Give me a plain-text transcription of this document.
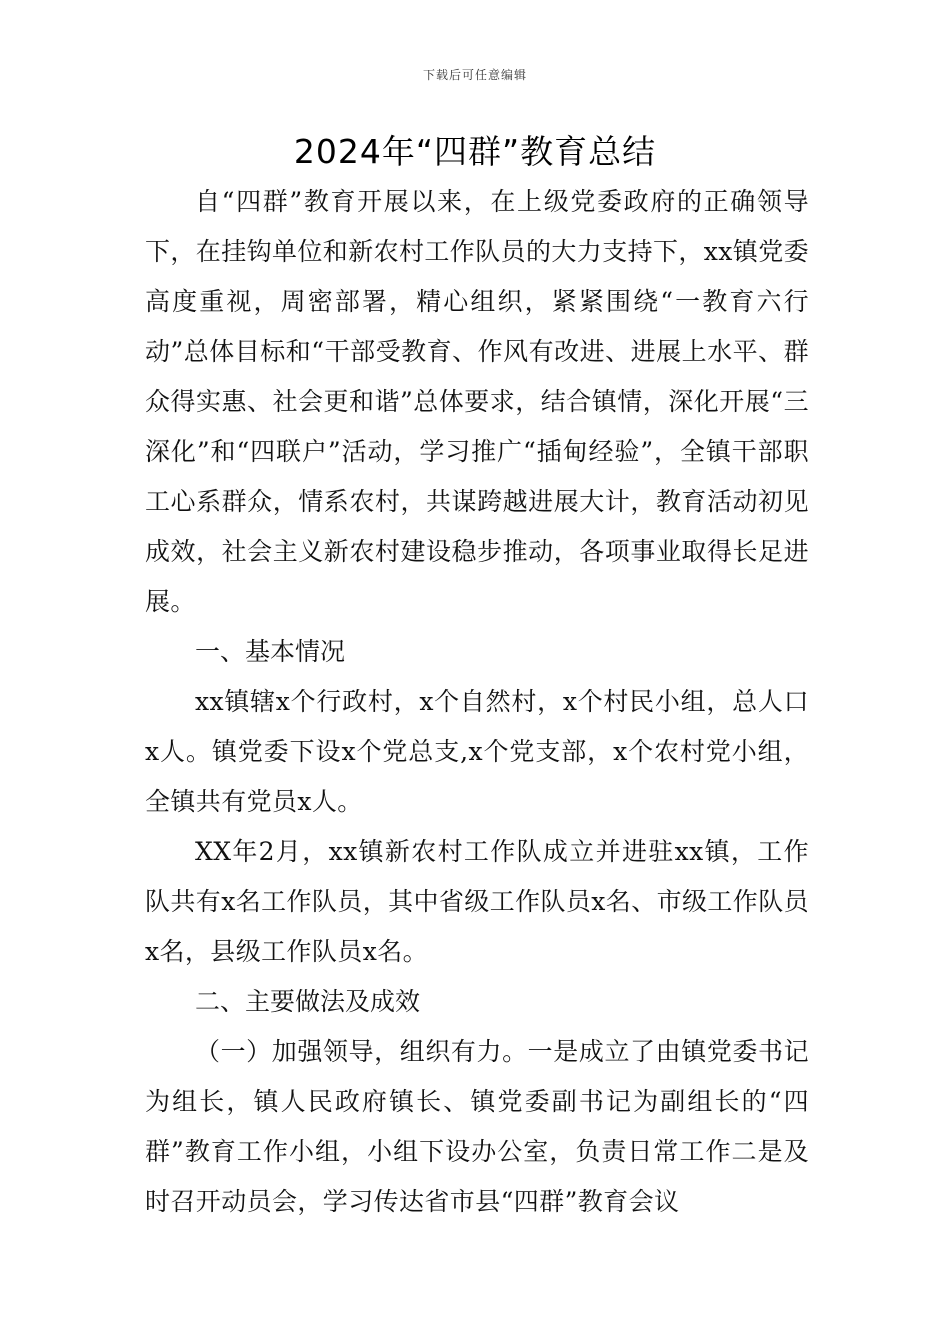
下载后可任意编辑
2024年“四群”教育总结

自“四群”教育开展以来，在上级党委政府的正确领导下，在挂钩单位和新农村工作队员的大力支持下，xx镇党委高度重视，周密部署，精心组织，紧紧围绕“一教育六行动”总体目标和“干部受教育、作风有改进、进展上水平、群众得实惠、社会更和谐”总体要求，结合镇情，深化开展“三深化”和“四联户”活动，学习推广“插甸经验”，全镇干部职工心系群众，情系农村，共谋跨越进展大计，教育活动初见成效，社会主义新农村建设稳步推动，各项事业取得长足进展。

一、基本情况

xx镇辖x个行政村，x个自然村，x个村民小组，总人口x人。镇党委下设x个党总支,x个党支部，x个农村党小组，全镇共有党员x人。

XX年2月，xx镇新农村工作队成立并进驻xx镇，工作队共有x名工作队员，其中省级工作队员x名、市级工作队员x名，县级工作队员x名。

二、主要做法及成效

（一）加强领导，组织有力。一是成立了由镇党委书记为组长，镇人民政府镇长、镇党委副书记为副组长的“四群”教育工作小组，小组下设办公室，负责日常工作二是及时召开动员会，学习传达省市县“四群”教育会议
